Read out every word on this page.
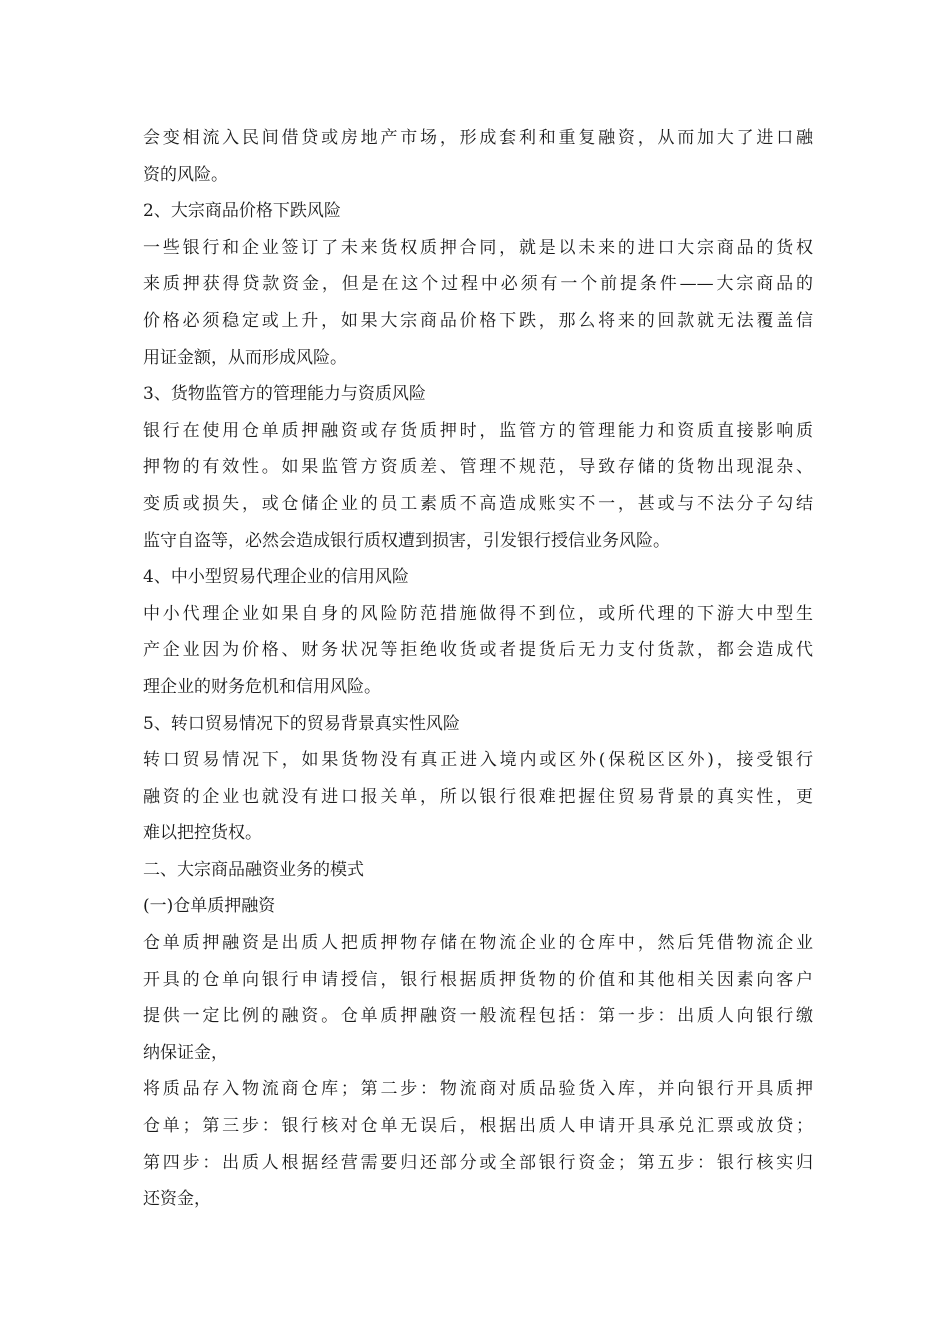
会变相流入民间借贷或房地产市场，形成套利和重复融资，从而加大了进口融
资的风险。
2、大宗商品价格下跌风险
一些银行和企业签订了未来货权质押合同，就是以未来的进口大宗商品的货权
来质押获得贷款资金，但是在这个过程中必须有一个前提条件——大宗商品的
价格必须稳定或上升，如果大宗商品价格下跌，那么将来的回款就无法覆盖信
用证金额，从而形成风险。
3、货物监管方的管理能力与资质风险
银行在使用仓单质押融资或存货质押时，监管方的管理能力和资质直接影响质
押物的有效性。如果监管方资质差、管理不规范，导致存储的货物出现混杂、
变质或损失，或仓储企业的员工素质不高造成账实不一，甚或与不法分子勾结
监守自盗等，必然会造成银行质权遭到损害，引发银行授信业务风险。
4、中小型贸易代理企业的信用风险
中小代理企业如果自身的风险防范措施做得不到位，或所代理的下游大中型生
产企业因为价格、财务状况等拒绝收货或者提货后无力支付货款，都会造成代
理企业的财务危机和信用风险。
5、转口贸易情况下的贸易背景真实性风险
转口贸易情况下，如果货物没有真正进入境内或区外(保税区区外)，接受银行
融资的企业也就没有进口报关单，所以银行很难把握住贸易背景的真实性，更
难以把控货权。
二、大宗商品融资业务的模式
(一)仓单质押融资
仓单质押融资是出质人把质押物存储在物流企业的仓库中，然后凭借物流企业
开具的仓单向银行申请授信，银行根据质押货物的价值和其他相关因素向客户
提供一定比例的融资。仓单质押融资一般流程包括：第一步：出质人向银行缴
纳保证金，
将质品存入物流商仓库；第二步：物流商对质品验货入库，并向银行开具质押
仓单；第三步：银行核对仓单无误后，根据出质人申请开具承兑汇票或放贷；
第四步：出质人根据经营需要归还部分或全部银行资金；第五步：银行核实归
还资金，
